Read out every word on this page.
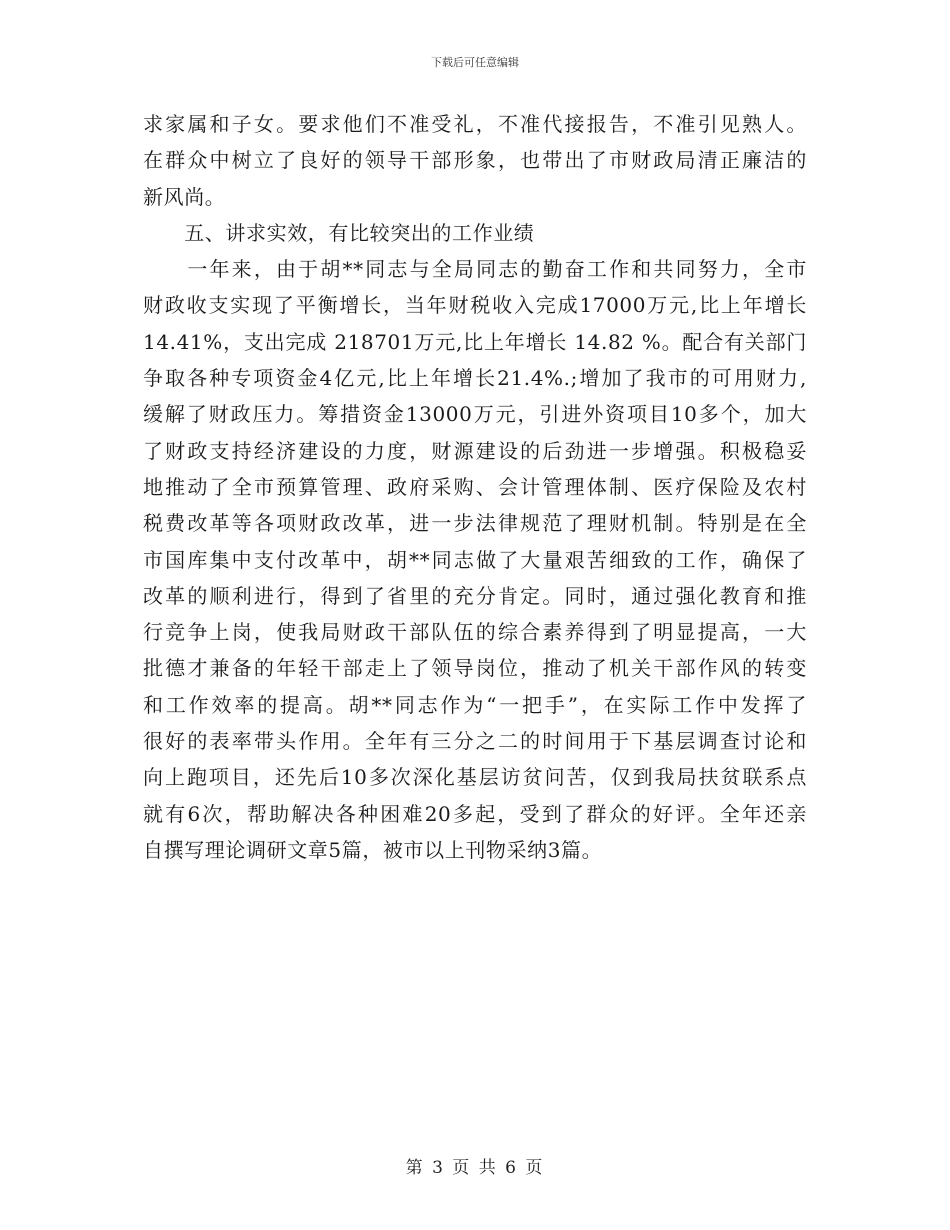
下载后可任意编辑
求家属和子女。要求他们不准受礼，不准代接报告，不准引见熟人。
在群众中树立了良好的领导干部形象，也带出了市财政局清正廉洁的
新风尚。
　　五、讲求实效，有比较突出的工作业绩
　　一年来，由于胡**同志与全局同志的勤奋工作和共同努力，全市
财政收支实现了平衡增长，当年财税收入完成17000万元,比上年增长
14.41%，支出完成 218701万元,比上年增长 14.82 %。配合有关部门
争取各种专项资金4亿元,比上年增长21.4%.;增加了我市的可用财力,
缓解了财政压力。筹措资金13000万元，引进外资项目10多个，加大
了财政支持经济建设的力度，财源建设的后劲进一步增强。积极稳妥
地推动了全市预算管理、政府采购、会计管理体制、医疗保险及农村
税费改革等各项财政改革，进一步法律规范了理财机制。特别是在全
市国库集中支付改革中，胡**同志做了大量艰苦细致的工作，确保了
改革的顺利进行，得到了省里的充分肯定。同时，通过强化教育和推
行竞争上岗，使我局财政干部队伍的综合素养得到了明显提高，一大
批德才兼备的年轻干部走上了领导岗位，推动了机关干部作风的转变
和工作效率的提高。胡**同志作为“一把手”，在实际工作中发挥了
很好的表率带头作用。全年有三分之二的时间用于下基层调查讨论和
向上跑项目，还先后10多次深化基层访贫问苦，仅到我局扶贫联系点
就有6次，帮助解决各种困难20多起，受到了群众的好评。全年还亲
自撰写理论调研文章5篇，被市以上刊物采纳3篇。
第 3 页 共 6 页
